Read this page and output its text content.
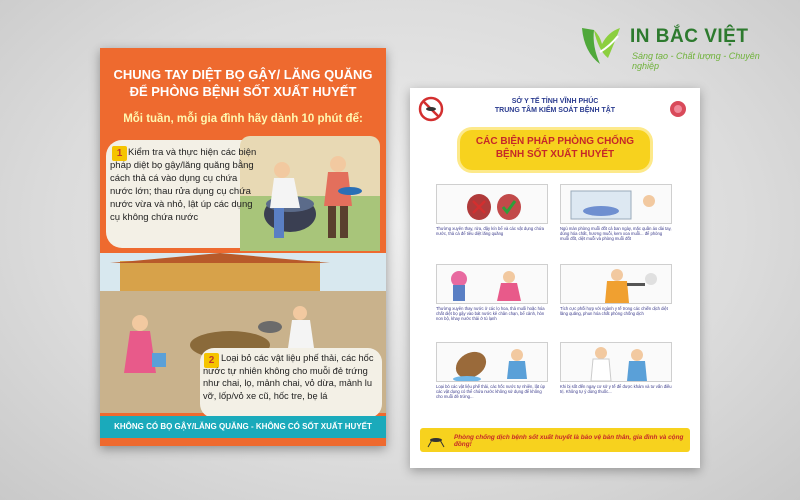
IN BẮC VIỆT
Sáng tạo - Chất lượng - Chuyên nghiệp
CHUNG TAY DIỆT BỌ GẬY/ LĂNG QUĂNG
ĐỂ PHÒNG BỆNH SỐT XUẤT HUYẾT
Mỗi tuần, mỗi gia đình hãy dành 10 phút để:
1 Kiểm tra và thực hiện các biện pháp diệt bọ gậy/lăng quăng bằng cách thả cá vào dụng cụ chứa nước lớn; thau rửa dụng cụ chứa nước vừa và nhỏ, lật úp các dụng cụ không chứa nước
2 Loại bỏ các vật liệu phế thải, các hốc nước tự nhiên không cho muỗi đẻ trứng như chai, lọ, mảnh chai, vỏ dừa, mảnh lu vỡ, lốp/vỏ xe cũ, hốc tre, bẹ lá
KHÔNG CÓ BỌ GẬY/LĂNG QUĂNG - KHÔNG CÓ SỐT XUẤT HUYẾT
SỞ Y TẾ TỈNH VĨNH PHÚC
TRUNG TÂM KIỂM SOÁT BỆNH TẬT
CÁC BIỆN PHÁP PHÒNG CHỐNG
BỆNH SỐT XUẤT HUYẾT
Thường xuyên thay, rửa, đậy kín bể và các vật dụng chứa nước, thả cá để tiêu diệt lăng quăng
Thường xuyên thay nước ở các lọ hoa, thả muối hoặc hóa chất diệt bọ gậy vào bát nước kê chân chạn, bể cảnh, hòn non bộ, khay nước thải ở tủ lạnh
Loại bỏ các vật liệu phế thải, các hốc nước tự nhiên, lật úp các vật dụng có thể chứa nước không sử dụng để không cho muỗi đẻ trứng...
Ngủ màn phòng muỗi đốt cả ban ngày, mặc quần áo dài tay, dùng hóa chất, hương muỗi, kem xoa muỗi... để phòng muỗi đốt, diệt muỗi và phòng muỗi đốt
Tích cực phối hợp với ngành y tế trong các chiến dịch diệt lăng quăng, phun hóa chất phòng chống dịch
Khi bị sốt đến ngay cơ sở y tế để được khám và tư vấn điều trị. Không tự ý dùng thuốc...
Phòng chống dịch bệnh sốt xuất huyết là bảo vệ bản thân, gia đình và cộng đồng!
